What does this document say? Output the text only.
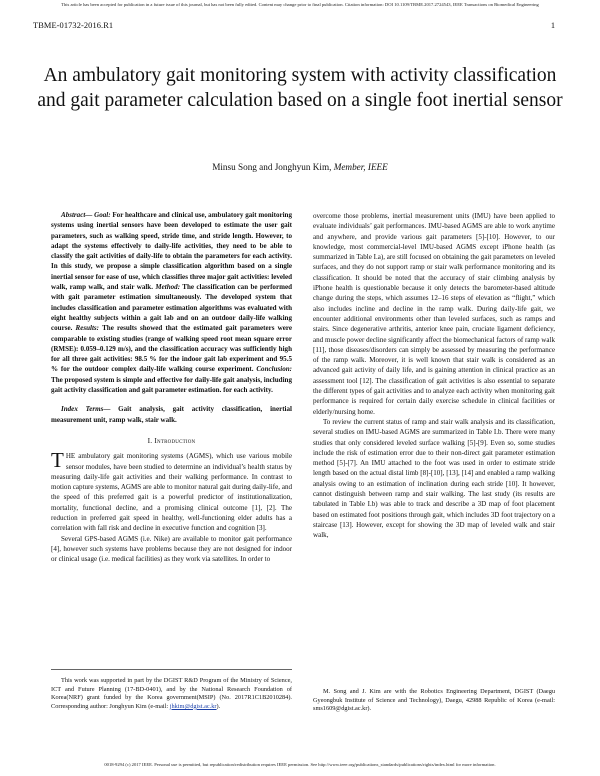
This article has been accepted for publication in a future issue of this journal, but has not been fully edited. Content may change prior to final publication. Citation information: DOI 10.1109/TBME.2017.2724543, IEEE Transactions on Biomedical Engineering
TBME-01732-2016.R1	1
An ambulatory gait monitoring system with activity classification and gait parameter calculation based on a single foot inertial sensor
Minsu Song and Jonghyun Kim, Member, IEEE

Abstract— Goal: For healthcare and clinical use, ambulatory gait monitoring systems using inertial sensors have been developed to estimate the user gait parameters, such as walking speed, stride time, and stride length. However, to adapt the systems effectively to daily-life activities, they need to be able to classify the gait activities of daily-life to obtain the parameters for each activity. In this study, we propose a simple classification algorithm based on a single inertial sensor for ease of use, which classifies three major gait activities: leveled walk, ramp walk, and stair walk. Method: The classification can be performed with gait parameter estimation simultaneously. The developed system that includes classification and parameter estimation algorithms was evaluated with eight healthy subjects within a gait lab and on an outdoor daily-life walking course. Results: The results showed that the estimated gait parameters were comparable to existing studies (range of walking speed root mean square error (RMSE): 0.059–0.129 m/s), and the classification accuracy was sufficiently high for all three gait activities: 98.5 % for the indoor gait lab experiment and 95.5 % for the outdoor complex daily-life walking course experiment. Conclusion: The proposed system is simple and effective for daily-life gait analysis, including gait activity classification and gait parameter estimation. for each activity.

Index Terms— Gait analysis, gait activity classification, inertial measurement unit, ramp walk, stair walk.

I. Introduction

THE ambulatory gait monitoring systems (AGMS), which use various mobile sensor modules, have been studied to determine an individual’s health status by measuring daily-life gait activities and their walking performance. In contrast to motion capture systems, AGMS are able to monitor natural gait during daily-life, and the speed of this preferred gait is a powerful predictor of institutionalization, mortality, functional decline, and a promising clinical outcome [1], [2]. The reduction in preferred gait speed in healthy, well-functioning elder adults has a correlation with fall risk and decline in executive function and cognition [3].

Several GPS-based AGMS (i.e. Nike) are available to monitor gait performance [4], however such systems have problems because they are not designed for indoor or clinical usage (i.e. medical facilities) as they work via satellites. In order to

overcome those problems, inertial measurement units (IMU) have been applied to evaluate individuals’ gait performances. IMU-based AGMS are able to work anytime and anywhere, and provide various gait parameters [5]-[10]. However, to our knowledge, most commercial-level IMU-based AGMS except iPhone health (as summarized in Table I.a), are still focused on obtaining the gait parameters on leveled surfaces, and they do not support ramp or stair walk performance monitoring and its classification. It should be noted that the accuracy of stair climbing analysis by iPhone health is questionable because it only detects the barometer-based altitude change during the steps, which assumes 12–16 steps of elevation as “flight,” which also includes incline and decline in the ramp walk. During daily-life gait, we encounter additional environments other than leveled surfaces, such as ramps and stairs. Since degenerative arthritis, anterior knee pain, cruciate ligament deficiency, and muscle power decline significantly affect the biomechanical factors of ramp walk [11], those diseases/disorders can simply be assessed by measuring the performance of the ramp walk. Moreover, it is well known that stair walk is considered as an advanced gait activity of daily life, and is gaining attention in clinical practice as an assessment tool [12]. The classification of gait activities is also essential to separate the different types of gait activities and to analyze each activity when monitoring gait performance is required for certain daily exercise schedule in clinical facilities or elderly/nursing home.

To review the current status of ramp and stair walk analysis and its classification, several studies on IMU-based AGMS are summarized in Table I.b. There were many studies that only considered leveled surface walking [5]-[9]. Even so, some studies include the risk of estimation error due to their non-direct gait parameter estimation method [5]-[7]. An IMU attached to the foot was used in order to estimate stride length based on the actual distal limb [8]-[10], [13], [14] and enabled a ramp walking analysis owing to an estimation of inclination during each stride [10]. It however, cannot distinguish between ramp and stair walking. The last study (its results are tabulated in Table I.b) was able to track and describe a 3D map of foot placement based on estimated foot positions through gait, which includes 3D foot trajectory on a staircase [13]. However, except for showing the 3D map of leveled walk and stair walk,

This work was supported in part by the DGIST R&D Program of the Ministry of Science, ICT and Future Planning (17-BD-0401), and by the National Research Foundation of Korea(NRF) grant funded by the Korea government(MSIP) (No. 2017R1C1B2010284). Corresponding author: Jonghyun Kim (e-mail: jhkim@dgist.ac.kr).
M. Song and J. Kim are with the Robotics Engineering Department, DGIST (Daegu Gyeongbuk Institute of Science and Technology), Daegu, 42988 Republic of Korea (e-mail: sms1609@dgist.ac.kr).
0018-9294 (c) 2017 IEEE. Personal use is permitted, but republication/redistribution requires IEEE permission. See http://www.ieee.org/publications_standards/publications/rights/index.html for more information.
